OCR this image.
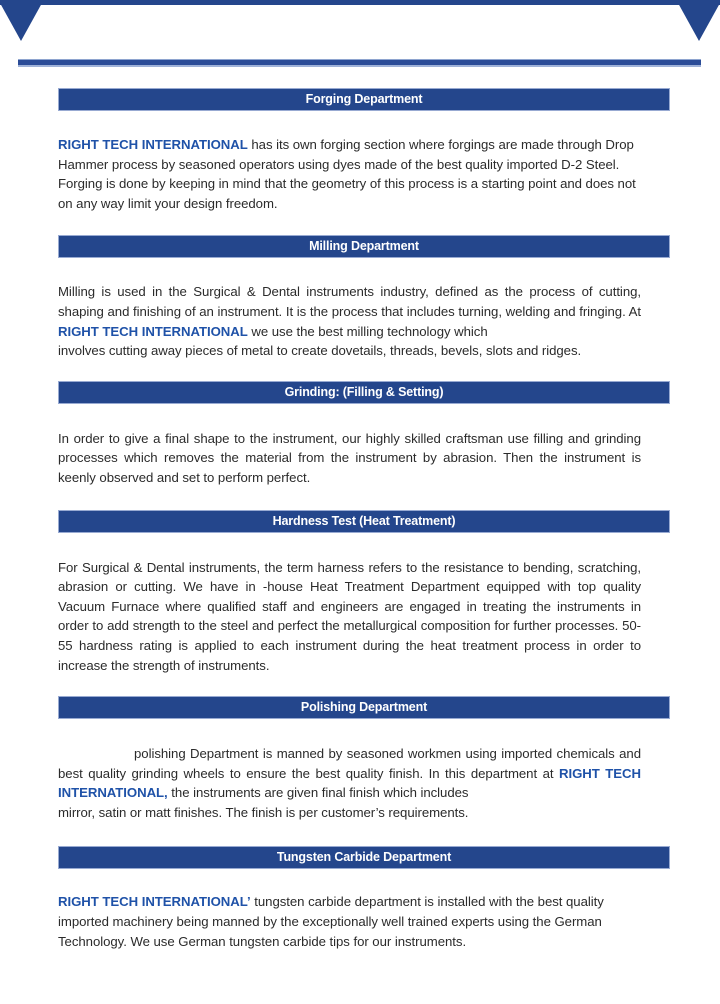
Forging Department

RIGHT TECH INTERNATIONAL has its own forging section where forgings are made through Drop Hammer process by seasoned operators using dyes made of the best quality imported D-2 Steel. Forging is done by keeping in mind that the geometry of this process is a starting point and does not on any way limit your design freedom.

Milling Department

Milling is used in the Surgical & Dental instruments industry, defined as the process of cutting, shaping and finishing of an instrument. It is the process that includes turning, welding and fringing. At RIGHT TECH INTERNATIONAL we use the best milling technology which

involves cutting away pieces of metal to create dovetails, threads, bevels, slots and ridges.

Grinding: (Filling & Setting)

In order to give a final shape to the instrument, our highly skilled craftsman use filling and grinding processes which removes the material from the instrument by abrasion. Then the instrument is keenly observed and set to perform perfect.

Hardness Test (Heat Treatment)

For Surgical & Dental instruments, the term harness refers to the resistance to bending, scratching, abrasion or cutting. We have in -house Heat Treatment Department equipped with top quality Vacuum Furnace where qualified staff and engineers are engaged in treating the instruments in order to add strength to the steel and perfect the metallurgical composition for further processes. 50-55 hardness rating is applied to each instrument during the heat treatment process in order to increase the strength of instruments.

Polishing Department

polishing Department is manned by seasoned workmen using imported chemicals and best quality grinding wheels to ensure the best quality finish. In this department at RIGHT TECH INTERNATIONAL, the instruments are given final finish which includes

mirror, satin or matt finishes. The finish is per customer’s requirements.

Tungsten Carbide Department

RIGHT TECH INTERNATIONAL’ tungsten carbide department is installed with the best quality imported machinery being manned by the exceptionally well trained experts using the German Technology. We use German tungsten carbide tips for our instruments.
